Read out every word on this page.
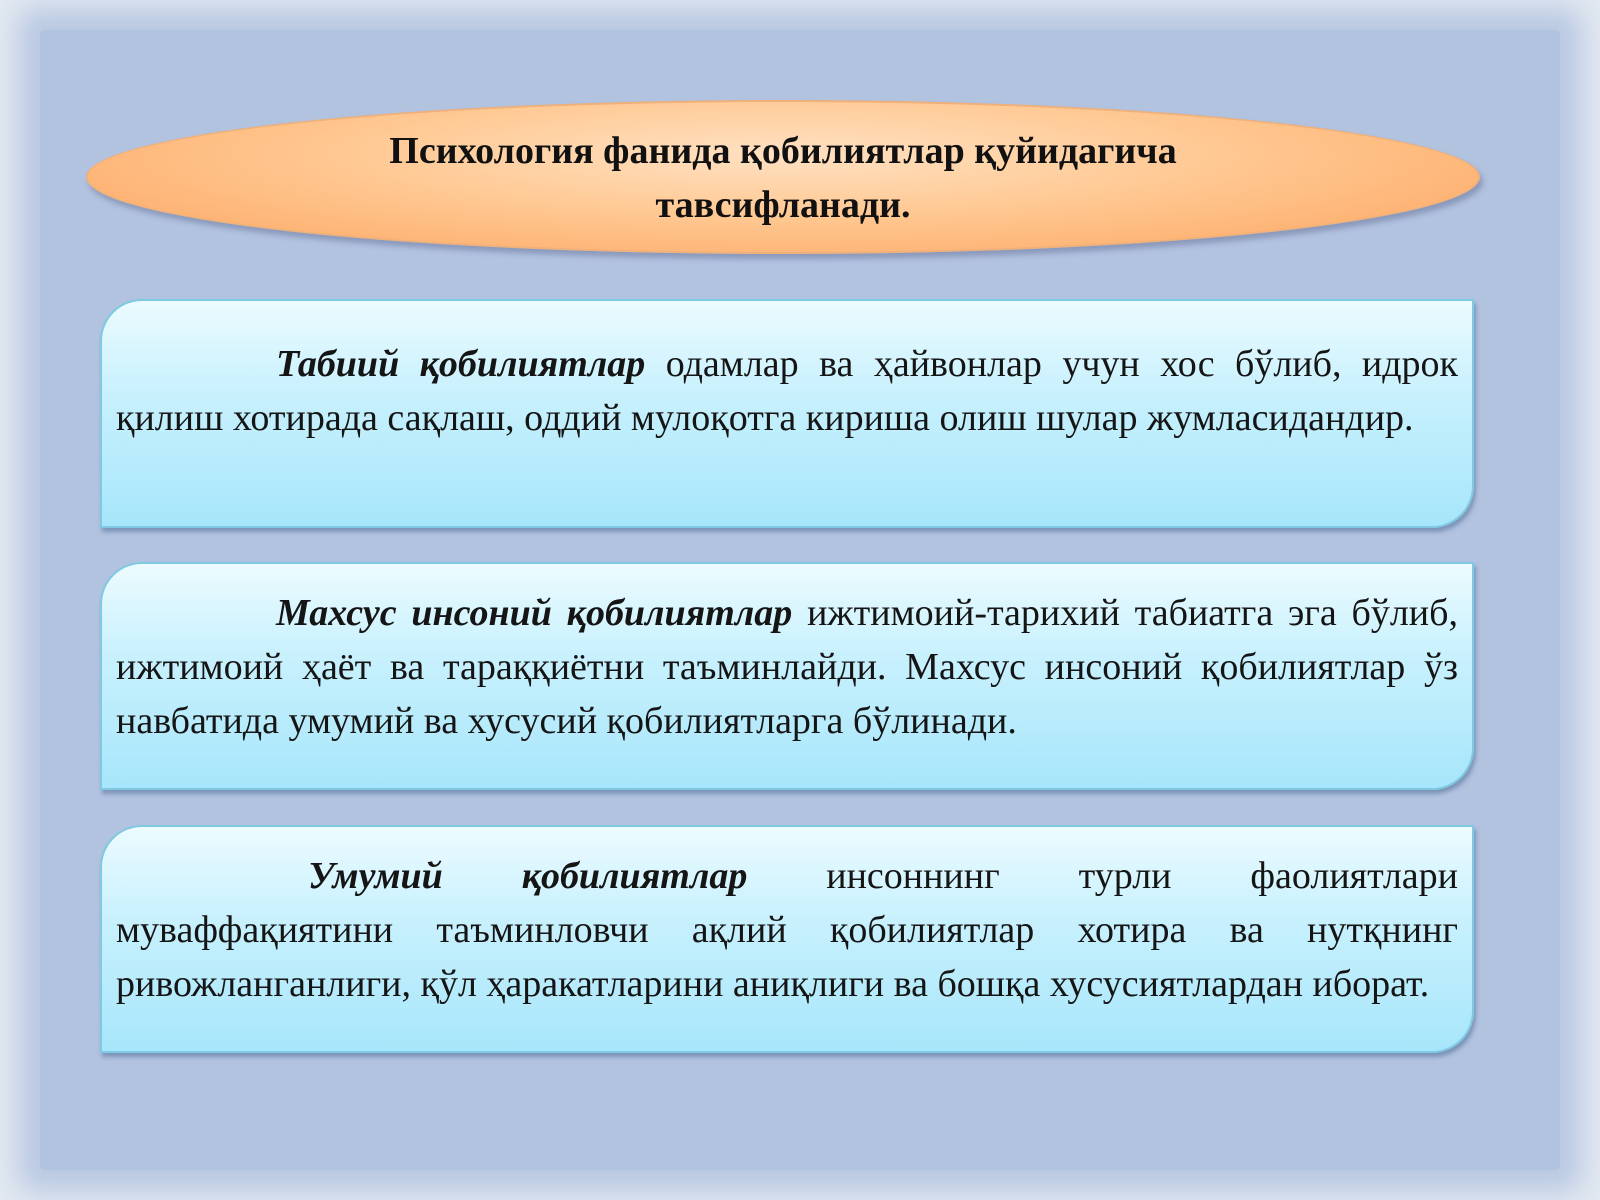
Психология фанида қобилиятлар қуйидагича
тавсифланади.

Табиий қобилиятлар одамлар ва ҳайвонлар учун хос бўлиб, идрок қилиш хотирада сақлаш, оддий мулоқотга кириша олиш шулар жумласидандир.

Махсус инсоний қобилиятлар ижтимоий-тарихий табиатга эга бўлиб, ижтимоий ҳаёт ва тараққиётни таъминлайди. Махсус инсоний қобилиятлар ўз навбатида умумий ва хусусий қобилиятларга бўлинади.

Умумий қобилиятлар инсоннинг турли фаолиятлари муваффақиятини таъминловчи ақлий қобилиятлар хотира ва нутқнинг ривожланганлиги, қўл ҳаракатларини аниқлиги ва бошқа хусусиятлардан иборат.
